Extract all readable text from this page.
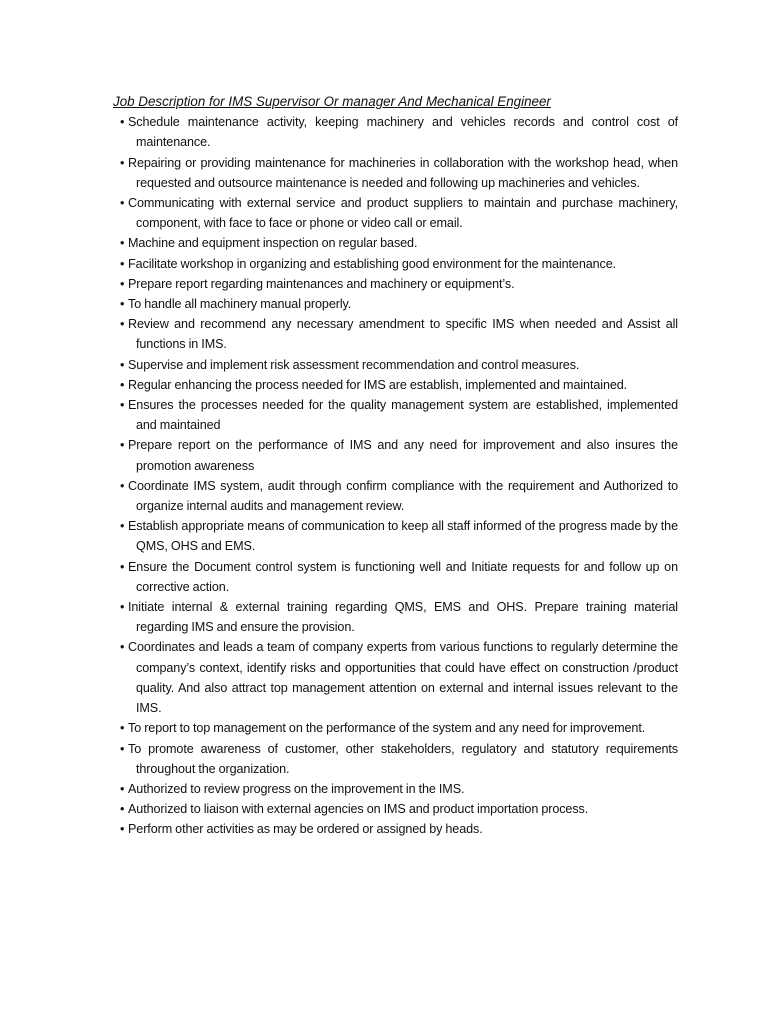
Job Description for IMS Supervisor Or manager And Mechanical Engineer

• Schedule maintenance activity, keeping machinery and vehicles records and control cost of maintenance.
• Repairing or providing maintenance for machineries in collaboration with the workshop head, when requested and outsource maintenance is needed and following up machineries and vehicles.
• Communicating with external service and product suppliers to maintain and purchase machinery, component, with face to face or phone or video call or email.
• Machine and equipment inspection on regular based.
• Facilitate workshop in organizing and establishing good environment for the maintenance.
• Prepare report regarding maintenances and machinery or equipment’s.
• To handle all machinery manual properly.
• Review and recommend any necessary amendment to specific IMS when needed and Assist all functions in IMS.
• Supervise and implement risk assessment recommendation and control measures.
• Regular enhancing the process needed for IMS are establish, implemented and maintained.
• Ensures the processes needed for the quality management system are established, implemented and maintained
• Prepare report on the performance of IMS and any need for improvement and also insures the promotion awareness
• Coordinate IMS system, audit through confirm compliance with the requirement and Authorized to organize internal audits and management review.
• Establish appropriate means of communication to keep all staff informed of the progress made by the QMS, OHS and EMS.
• Ensure the Document control system is functioning well and Initiate requests for and follow up on corrective action.
• Initiate internal & external training regarding QMS, EMS and OHS. Prepare training material regarding IMS and ensure the provision.
• Coordinates and leads a team of company experts from various functions to regularly determine the company’s context, identify risks and opportunities that could have effect on construction /product quality. And also attract top management attention on external and internal issues relevant to the IMS.
• To report to top management on the performance of the system and any need for improvement.
• To promote awareness of customer, other stakeholders, regulatory and statutory requirements throughout the organization.
• Authorized to review progress on the improvement in the IMS.
• Authorized to liaison with external agencies on IMS and product importation process.
• Perform other activities as may be ordered or assigned by heads.
